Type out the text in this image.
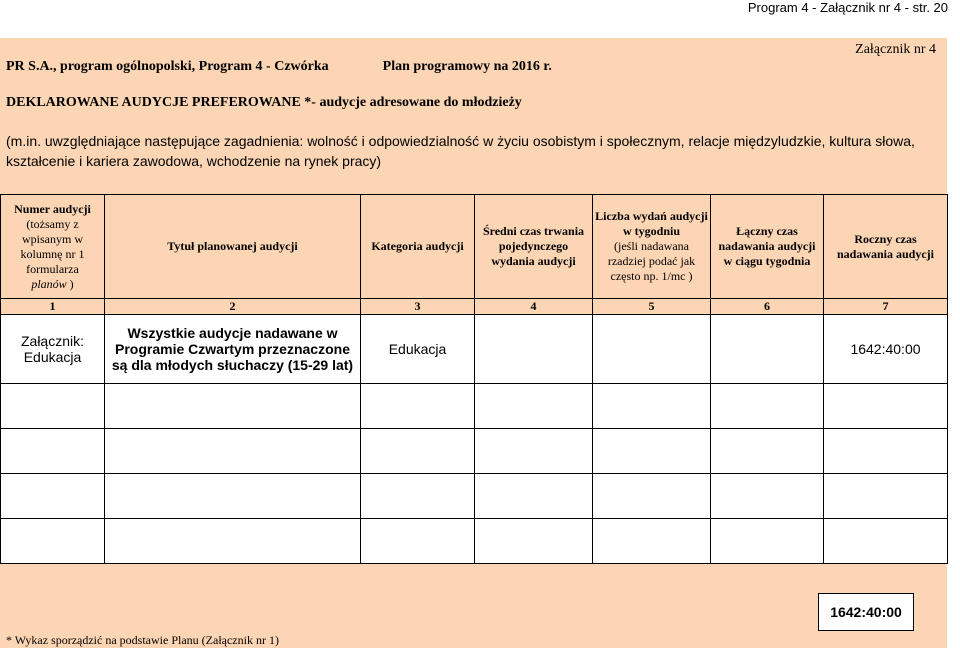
Program 4 - Załącznik nr 4 - str. 20
PR S.A., program ogólnopolski, Program 4 - Czwórka	Plan programowy na 2016 r.
Załącznik nr 4
DEKLAROWANE AUDYCJE PREFEROWANE *- audycje adresowane do młodzieży
(m.in. uwzględniające następujące zagadnienia: wolność i odpowiedzialność w życiu osobistym i społecznym, relacje międzyludzkie, kultura słowa, kształcenie i kariera zawodowa, wchodzenie na rynek pracy)
Numer audycji
(tożsamy z wpisanym w kolumnę nr 1 formularza
planów )	Tytuł planowanej audycji	Kategoria audycji	Średni czas trwania pojedynczego wydania audycji	Liczba wydań audycji w tygodniu
(jeśli nadawana rzadziej podać jak często np. 1/mc )	Łączny czas nadawania audycji w ciągu tygodnia	Roczny czas nadawania audycji
1	2	3	4	5	6	7
Załącznik: Edukacja	Wszystkie audycje nadawane w Programie Czwartym przeznaczone są dla młodych słuchaczy (15-29 lat)	Edukacja				1642:40:00

1642:40:00
* Wykaz sporządzić na podstawie Planu (Załącznik nr 1)
